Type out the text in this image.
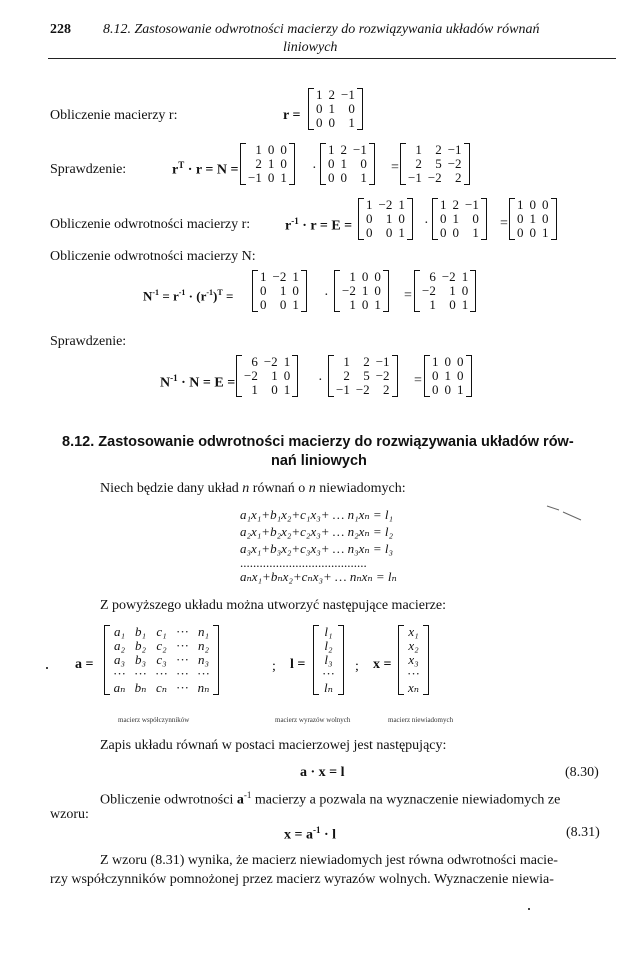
228 8.12. Zastosowanie odwrotności macierzy do rozwiązywania układów równań
liniowych
Obliczenie macierzy r:	r =
1	2	−1
0	1	0
0	0	1
Sprawdzenie:	$r^T \cdot r = N$ =
1	0	0
2	1	0
−1	0	1
·
1	2	−1
0	1	0
0	0	1
=
1	2	−1
2	5	−2
−1	−2	2
Obliczenie odwrotności macierzy r: $r^{-1} \cdot r = E$ =
1	−2	1
0	1	0
0	0	1
·
1	2	−1
0	1	0
0	0	1
=
1	0	0
0	1	0
0	0	1
Obliczenie odwrotności macierzy N:
$N^{-1} = r^{-1} \cdot (r^{-1})^T$ =
1	−2	1
0	1	0
0	0	1
·
1	0	0
−2	1	0
1	0	1
=
6	−2	1
−2	1	0
1	0	1
Sprawdzenie:
$N^{-1} \cdot N = E$ =
6	−2	1
−2	1	0
1	0	1
·
1	2	−1
2	5	−2
−1	−2	2
=
1	0	0
0	1	0
0	0	1
8.12. Zastosowanie odwrotności macierzy do rozwiązywania układów rów-
nań liniowych
Niech będzie dany układ n równań o n niewiadomych:
a₁x₁+b₁x₂+c₁x₃+ … n₁xₙ = l₁
a₂x₁+b₂x₂+c₂x₃+ … n₂xₙ = l₂
a₃x₁+b₃x₂+c₃x₃+ … n₃xₙ = l₃
.......................................
aₙx₁+bₙx₂+cₙx₃+ … nₙxₙ = lₙ
Z powyższego układu można utworzyć następujące macierze:
a =
a₁	b₁	c₁	···	n₁
a₂	b₂	c₂	···	n₂
a₃	b₃	c₃	···	n₃
···	···	···	···	···
aₙ	bₙ	cₙ	···	nₙ
macierz współczynników
; l =
l₁
l₂
l₃
···
lₙ
macierz wyrazów wolnych
; x =
x₁
x₂
x₃
···
xₙ
macierz niewiadomych
Zapis układu równań w postaci macierzowej jest następujący:
a · x = l	(8.30)
Obliczenie odwrotności $a^{-1}$ macierzy a pozwala na wyznaczenie niewiadomych ze
wzoru:
$x = a^{-1} \cdot l$	(8.31)
Z wzoru (8.31) wynika, że macierz niewiadomych jest równa odwrotności macie-
rzy współczynników pomnożonej przez macierz wyrazów wolnych. Wyznaczenie niewia-
